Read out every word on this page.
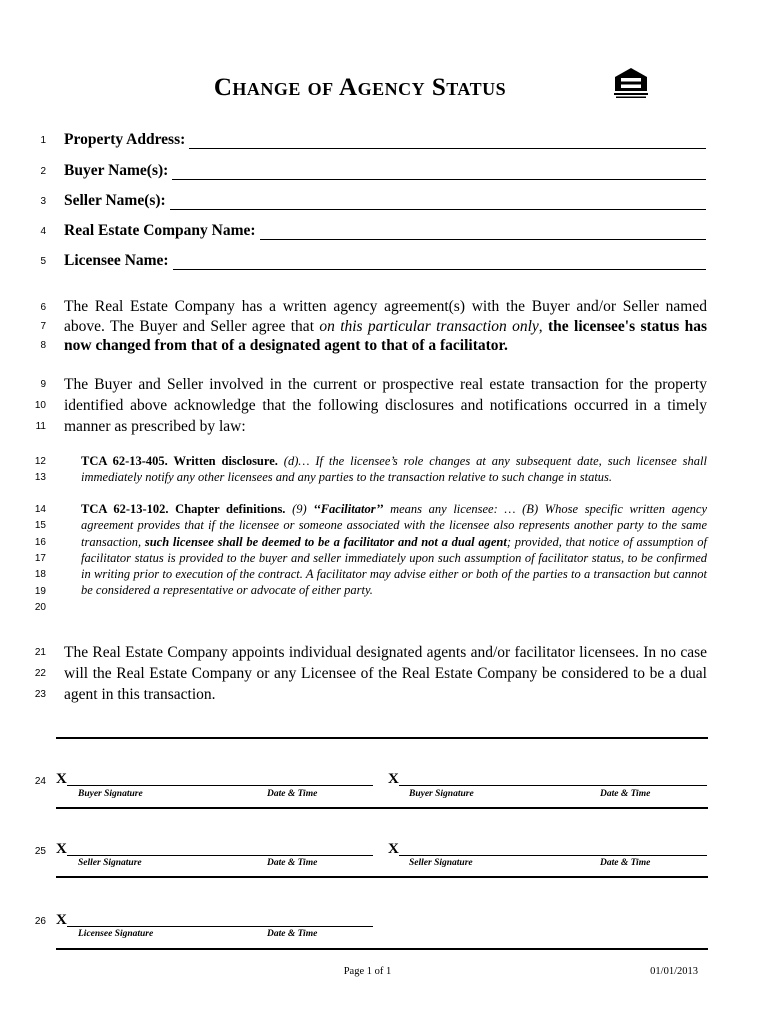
Change of Agency Status
1
2
3
4
5
6
7
8
9
10
11
12
13
14
15
16
17
18
19
20
21
22
23
24
25
26
Property Address:
Buyer Name(s):
Seller Name(s):
Real Estate Company Name:
Licensee Name:
The Real Estate Company has a written agency agreement(s) with the Buyer and/or Seller named above. The Buyer and Seller agree that on this particular transaction only, the licensee's status has now changed from that of a designated agent to that of a facilitator.
The Buyer and Seller involved in the current or prospective real estate transaction for the property identified above acknowledge that the following disclosures and notifications occurred in a timely manner as prescribed by law:
TCA 62-13-405. Written disclosure. (d)… If the licensee’s role changes at any subsequent date, such licensee shall immediately notify any other licensees and any parties to the transaction relative to such change in status.
TCA 62-13-102. Chapter definitions. (9) ‘‘Facilitator’’ means any licensee: … (B) Whose specific written agency agreement provides that if the licensee or someone associated with the licensee also represents another party to the same transaction, such licensee shall be deemed to be a facilitator and not a dual agent; provided, that notice of assumption of facilitator status is provided to the buyer and seller immediately upon such assumption of facilitator status, to be confirmed in writing prior to execution of the contract. A facilitator may advise either or both of the parties to a transaction but cannot be considered a representative or advocate of either party.
The Real Estate Company appoints individual designated agents and/or facilitator licensees. In no case will the Real Estate Company or any Licensee of the Real Estate Company be considered to be a dual agent in this transaction.
X
Buyer Signature	Date & Time
X
Buyer Signature	Date & Time
X
Seller Signature	Date & Time
X
Seller Signature	Date & Time
X
Licensee Signature	Date & Time
Page 1 of 1	01/01/2013
